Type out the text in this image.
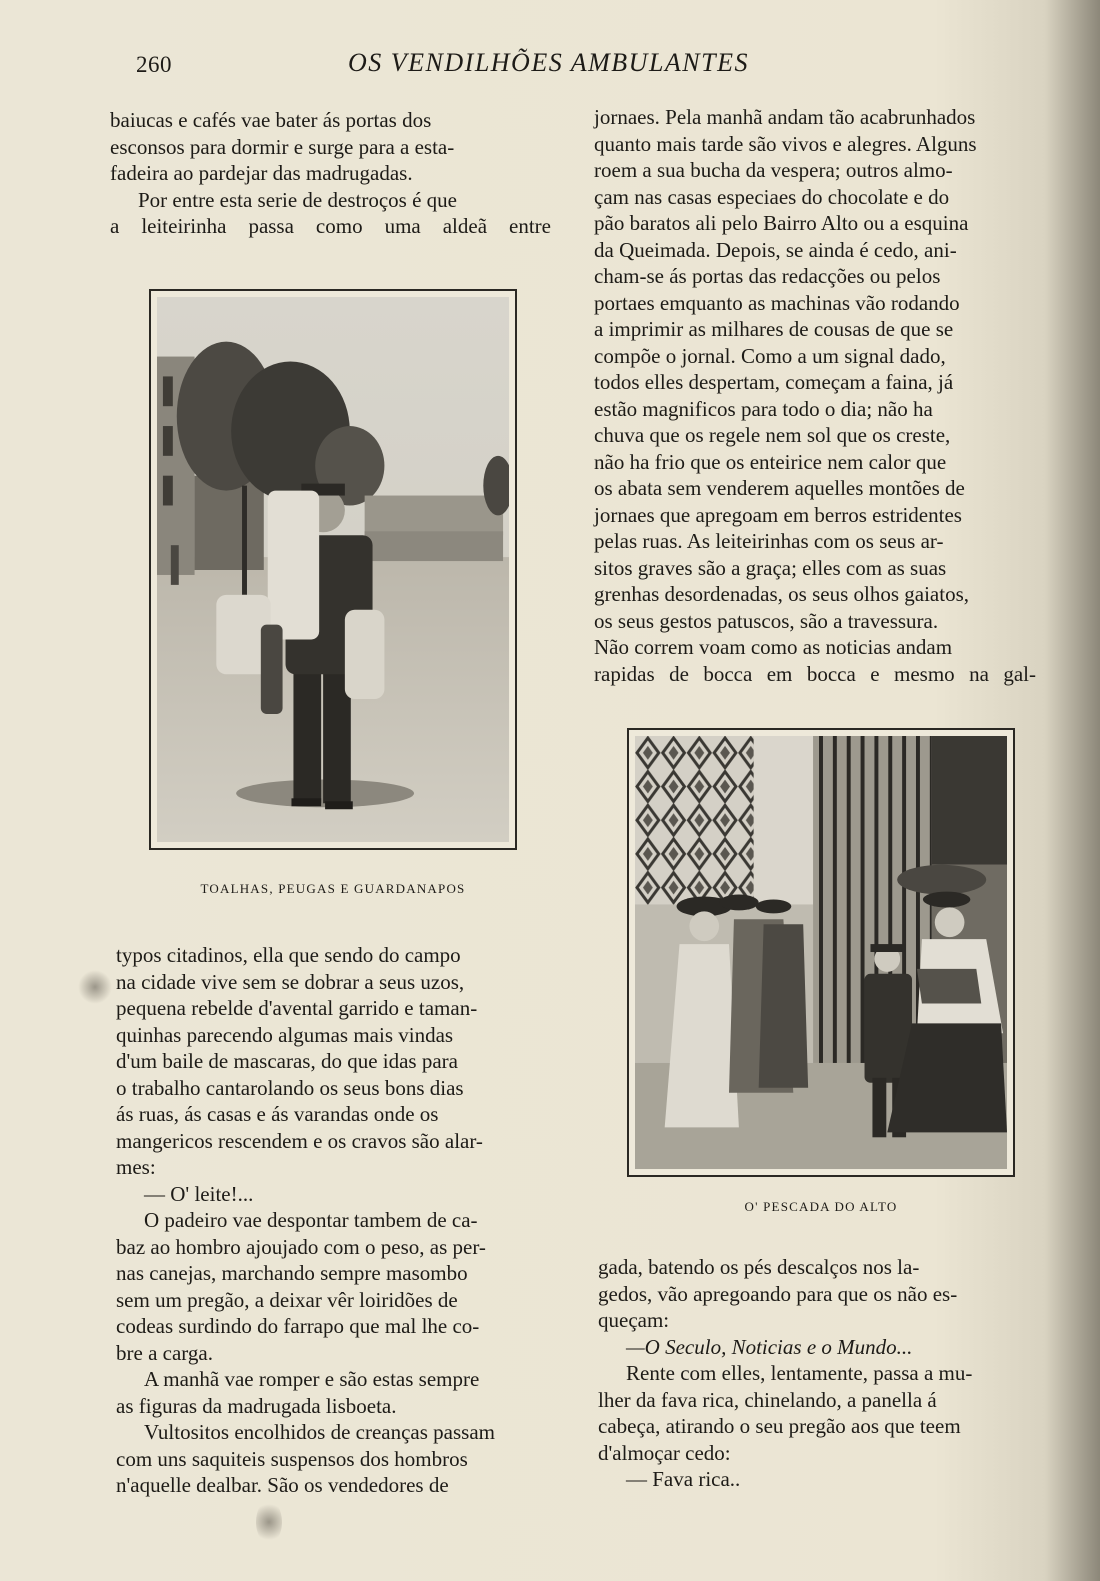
260	OS VENDILHÕES AMBULANTES

baiucas e cafés vae bater ás portas dos

esconsos para dormir e surge para a esta-

fadeira ao pardejar das madrugadas.

Por entre esta serie de destroços é que

a leiteirinha passa como uma aldeã entre

TOALHAS, PEUGAS E GUARDANAPOS

typos citadinos, ella que sendo do campo

na cidade vive sem se dobrar a seus uzos,

pequena rebelde d'avental garrido e taman-

quinhas parecendo algumas mais vindas

d'um baile de mascaras, do que idas para

o trabalho cantarolando os seus bons dias

ás ruas, ás casas e ás varandas onde os

mangericos rescendem e os cravos são alar-

mes:

— O' leite!...

O padeiro vae despontar tambem de ca-

baz ao hombro ajoujado com o peso, as per-

nas canejas, marchando sempre masombo

sem um pregão, a deixar vêr loiridões de

codeas surdindo do farrapo que mal lhe co-

bre a carga.

A manhã vae romper e são estas sempre

as figuras da madrugada lisboeta.

Vultositos encolhidos de creanças passam

com uns saquiteis suspensos dos hombros

n'aquelle dealbar. São os vendedores de

jornaes. Pela manhã andam tão acabrunhados

quanto mais tarde são vivos e alegres. Alguns

roem a sua bucha da vespera; outros almo-

çam nas casas especiaes do chocolate e do

pão baratos ali pelo Bairro Alto ou a esquina

da Queimada. Depois, se ainda é cedo, ani-

cham-se ás portas das redacções ou pelos

portaes emquanto as machinas vão rodando

a imprimir as milhares de cousas de que se

compõe o jornal. Como a um signal dado,

todos elles despertam, começam a faina, já

estão magnificos para todo o dia; não ha

chuva que os regele nem sol que os creste,

não ha frio que os enteirice nem calor que

os abata sem venderem aquelles montões de

jornaes que apregoam em berros estridentes

pelas ruas. As leiteirinhas com os seus ar-

sitos graves são a graça; elles com as suas

grenhas desordenadas, os seus olhos gaiatos,

os seus gestos patuscos, são a travessura.

Não correm voam como as noticias andam

rapidas de bocca em bocca e mesmo na gal-

O' PESCADA DO ALTO

gada, batendo os pés descalços nos la-

gedos, vão apregoando para que os não es-

queçam:

—O Seculo, Noticias e o Mundo...

Rente com elles, lentamente, passa a mu-

lher da fava rica, chinelando, a panella á

cabeça, atirando o seu pregão aos que teem

d'almoçar cedo:

— Fava rica..
